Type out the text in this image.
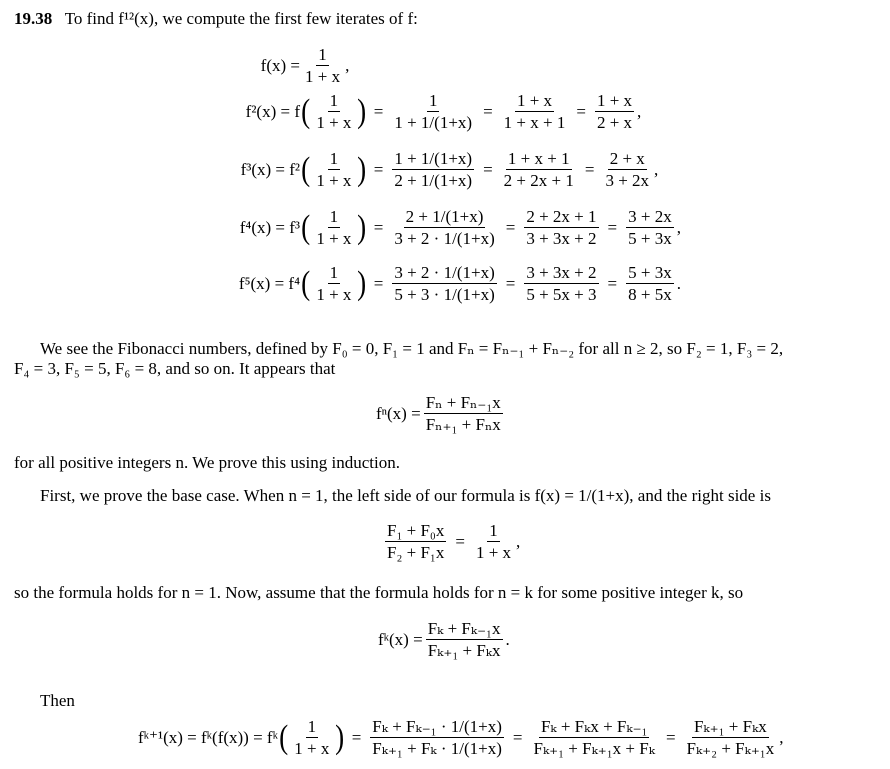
19.38 To find f¹²(x), we compute the first few iterates of f:
$f(x) = \frac{1}{1 + x}$ ,
f²(x) = f ( $\frac{1}{1 + x}$ ) = $\frac{1}{1 + 1/(1+x)} = \frac{1 + x}{1 + x + 1} = \frac{1 + x}{2 + x}$ ,
f³(x) = f² ( $\frac{1}{1 + x}$ ) = $\frac{1 + 1/(1+x)}{2 + 1/(1+x)} = \frac{1 + x + 1}{2 + 2x + 1} = \frac{2 + x}{3 + 2x}$ ,
f⁴(x) = f³ ( $\frac{1}{1 + x}$ ) = $\frac{2 + 1/(1+x)}{3 + 2 \cdot 1/(1+x)} = \frac{2 + 2x + 1}{3 + 3x + 2} = \frac{3 + 2x}{5 + 3x}$ ,
f⁵(x) = f⁴ ( $\frac{1}{1 + x}$ ) = $\frac{3 + 2 \cdot 1/(1+x)}{5 + 3 \cdot 1/(1+x)} = \frac{3 + 3x + 2}{5 + 5x + 3} = \frac{5 + 3x}{8 + 5x}$ .
We see the Fibonacci numbers, defined by F₀ = 0, F₁ = 1 and Fₙ = Fₙ₋₁ + Fₙ₋₂ for all n ≥ 2, so F₂ = 1, F₃ = 2,
F₄ = 3, F₅ = 5, F₆ = 8, and so on. It appears that
$f^n(x) = \frac{\text{Fₙ + Fₙ₋₁x}}{\text{Fₙ₊₁ + Fₙx}}$
for all positive integers n. We prove this using induction.
First, we prove the base case. When n = 1, the left side of our formula is f(x) = 1/(1+x), and the right side is
$\frac{\text{F₁ + F₀x}}{\text{F₂ + F₁x}} = \frac{1}{1 + x}$ ,
so the formula holds for n = 1. Now, assume that the formula holds for n = k for some positive integer k, so
fᵏ(x) = $\frac{\text{Fₖ + Fₖ₋₁x}}{\text{Fₖ₊₁ + Fₖx}}$ .
Then
fᵏ⁺¹(x) = fᵏ(f(x)) = fᵏ ( $\frac{1}{1 + x}$ ) = $\frac{\text{Fₖ + Fₖ₋₁ · 1/(1+x)}}{\text{Fₖ₊₁ + Fₖ · 1/(1+x)}} = \frac{\text{Fₖ + Fₖx + Fₖ₋₁}}{\text{Fₖ₊₁ + Fₖ₊₁x + Fₖ}} = \frac{\text{Fₖ₊₁ + Fₖx}}{\text{Fₖ₊₂ + Fₖ₊₁x}}$ ,
